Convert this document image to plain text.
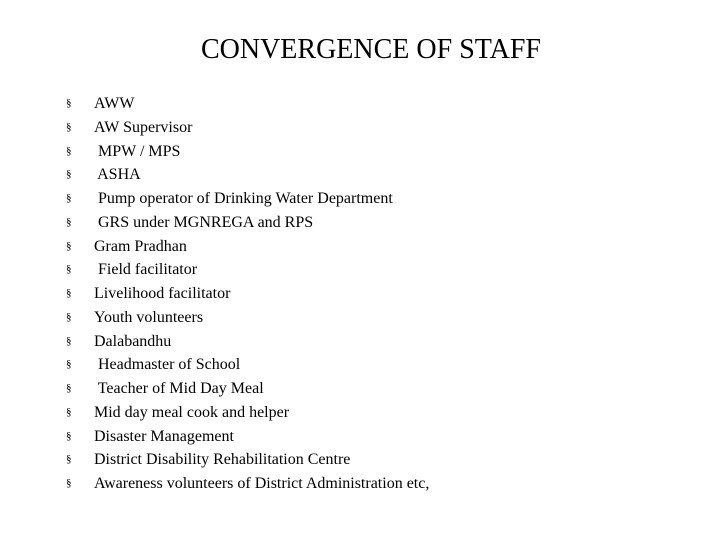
CONVERGENCE OF STAFF
§	AWW
§	AW Supervisor
§	MPW / MPS
§	ASHA
§	Pump operator of Drinking Water Department
§	GRS under MGNREGA and RPS
§	Gram Pradhan
§	Field facilitator
§	Livelihood facilitator
§	Youth volunteers
§	Dalabandhu
§	Headmaster of School
§	Teacher of Mid Day Meal
§	Mid day meal cook and helper
§	Disaster Management
§	District Disability Rehabilitation Centre
§	Awareness volunteers of District Administration etc,
